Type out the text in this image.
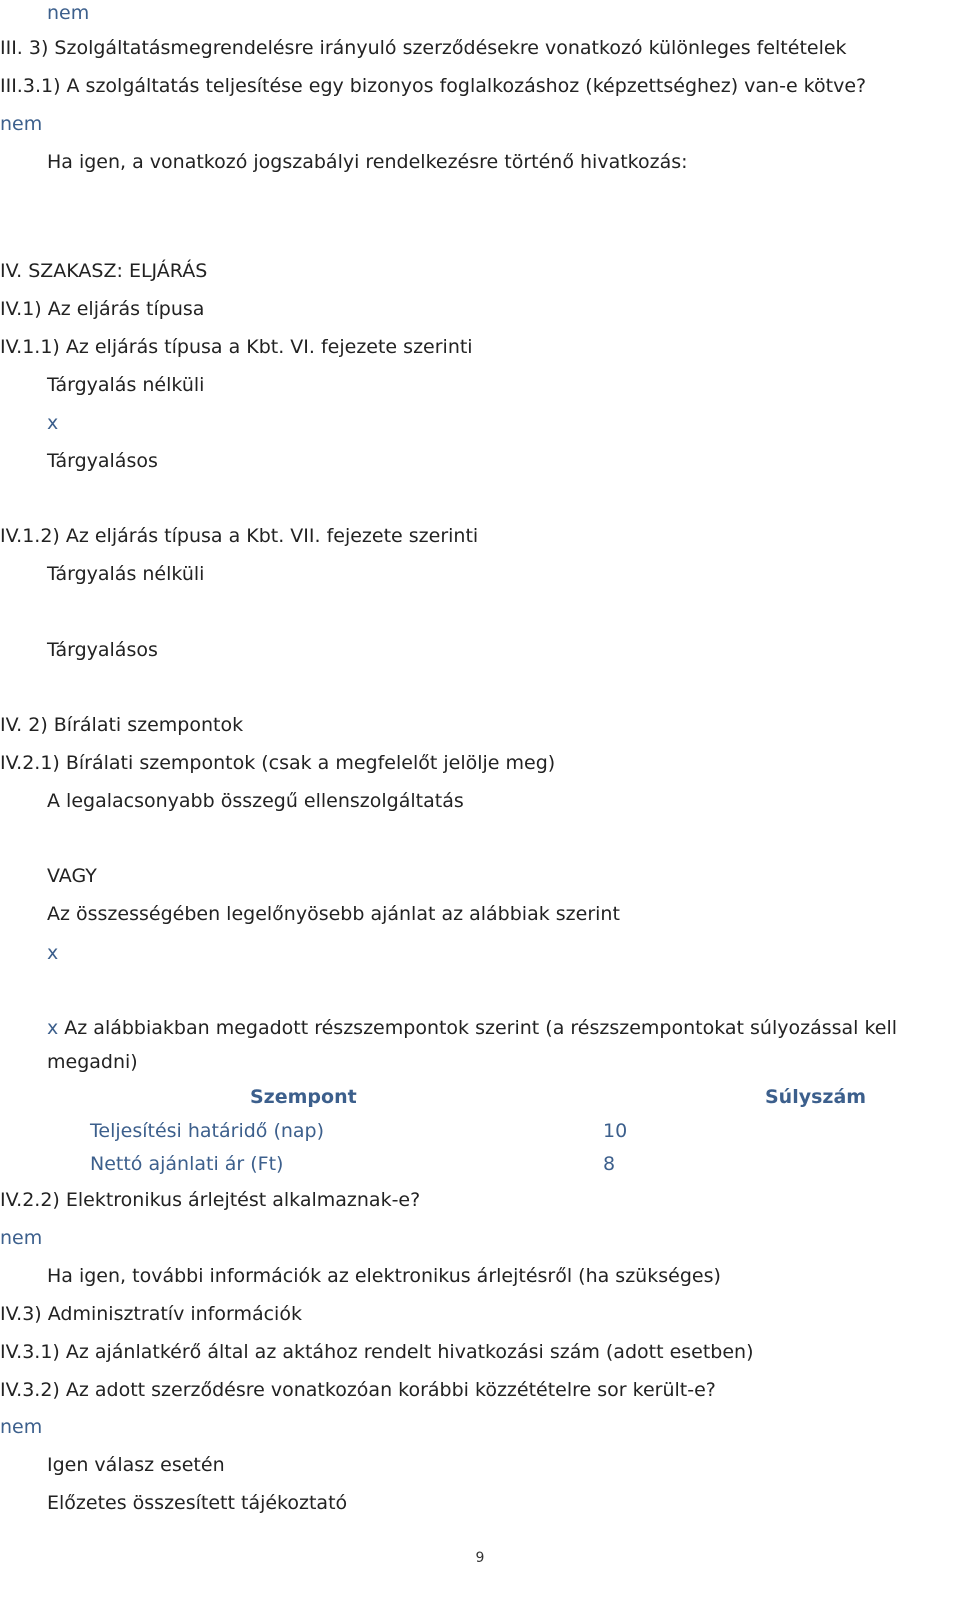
nem
III. 3) Szolgáltatásmegrendelésre irányuló szerződésekre vonatkozó különleges feltételek
III.3.1) A szolgáltatás teljesítése egy bizonyos foglalkozáshoz (képzettséghez) van-e kötve?
nem
Ha igen, a vonatkozó jogszabályi rendelkezésre történő hivatkozás:
IV. SZAKASZ: ELJÁRÁS
IV.1) Az eljárás típusa
IV.1.1) Az eljárás típusa a Kbt. VI. fejezete szerinti
Tárgyalás nélküli
x
Tárgyalásos
IV.1.2) Az eljárás típusa a Kbt. VII. fejezete szerinti
Tárgyalás nélküli
Tárgyalásos
IV. 2) Bírálati szempontok
IV.2.1) Bírálati szempontok (csak a megfelelőt jelölje meg)
A legalacsonyabb összegű ellenszolgáltatás
VAGY
Az összességében legelőnyösebb ajánlat az alábbiak szerint
x
x Az alábbiakban megadott részszempontok szerint (a részszempontokat súlyozással kell
megadni)
Szempont	Súlyszám
Teljesítési határidő (nap)	10
Nettó ajánlati ár (Ft)	8
IV.2.2) Elektronikus árlejtést alkalmaznak-e?
nem
Ha igen, további információk az elektronikus árlejtésről (ha szükséges)
IV.3) Adminisztratív információk
IV.3.1) Az ajánlatkérő által az aktához rendelt hivatkozási szám (adott esetben)
IV.3.2) Az adott szerződésre vonatkozóan korábbi közzétételre sor került-e?
nem
Igen válasz esetén
Előzetes összesített tájékoztató
9
